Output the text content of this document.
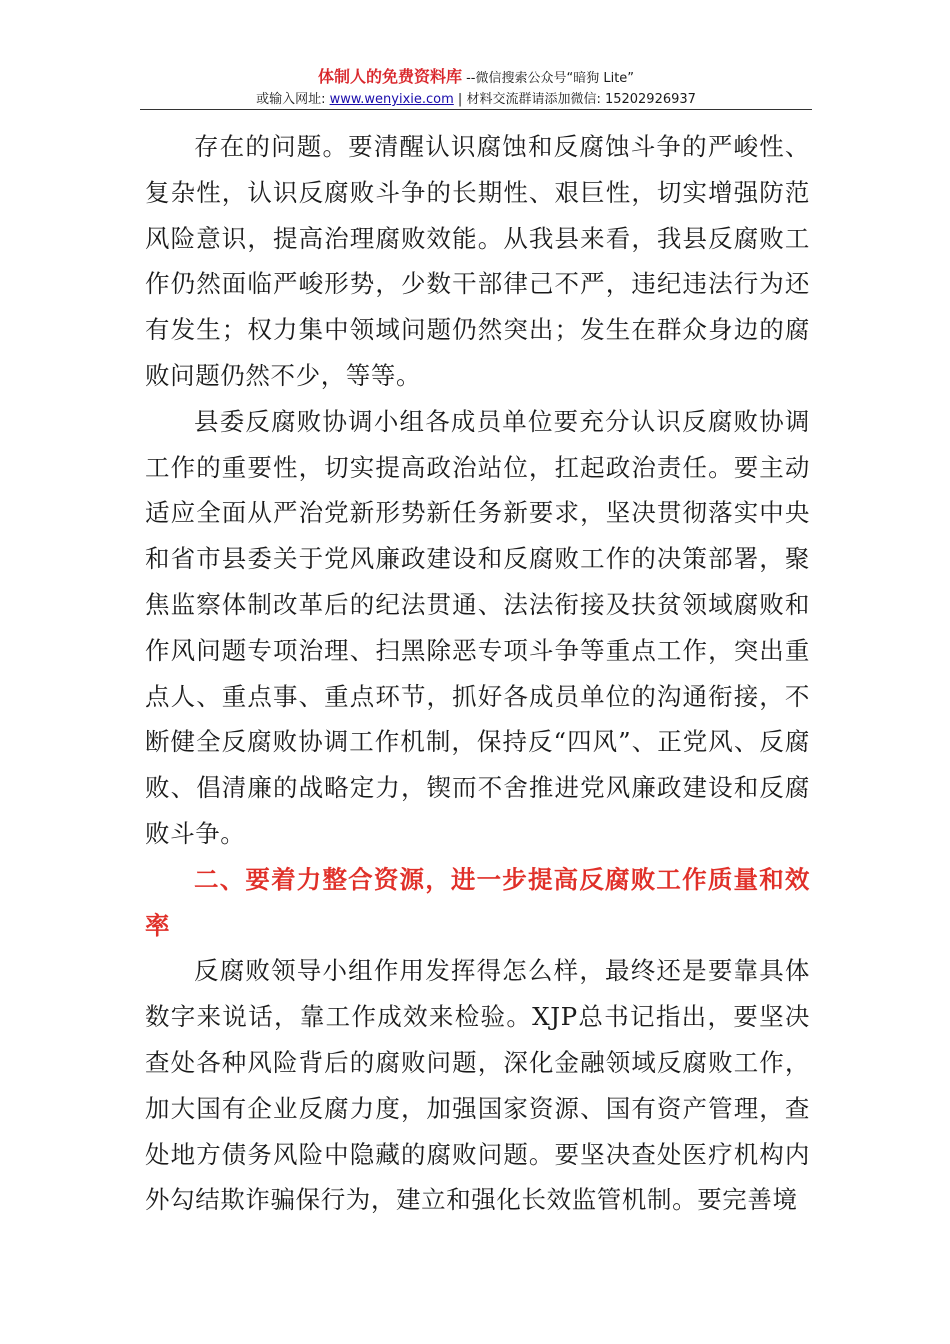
体制人的免费资料库 --微信搜索公众号“暗狗 Lite”
或输入网址: www.wenyixie.com | 材料交流群请添加微信: 15202926937

存在的问题。要清醒认识腐蚀和反腐蚀斗争的严峻性、复杂性，认识反腐败斗争的长期性、艰巨性，切实增强防范风险意识，提高治理腐败效能。从我县来看，我县反腐败工作仍然面临严峻形势，少数干部律己不严，违纪违法行为还有发生；权力集中领域问题仍然突出；发生在群众身边的腐败问题仍然不少，等等。

县委反腐败协调小组各成员单位要充分认识反腐败协调工作的重要性，切实提高政治站位，扛起政治责任。要主动适应全面从严治党新形势新任务新要求，坚决贯彻落实中央和省市县委关于党风廉政建设和反腐败工作的决策部署，聚焦监察体制改革后的纪法贯通、法法衔接及扶贫领域腐败和作风问题专项治理、扫黑除恶专项斗争等重点工作，突出重点人、重点事、重点环节，抓好各成员单位的沟通衔接，不断健全反腐败协调工作机制，保持反“四风”、正党风、反腐败、倡清廉的战略定力，锲而不舍推进党风廉政建设和反腐败斗争。

二、要着力整合资源，进一步提高反腐败工作质量和效率

反腐败领导小组作用发挥得怎么样，最终还是要靠具体数字来说话，靠工作成效来检验。XJP总书记指出，要坚决查处各种风险背后的腐败问题，深化金融领域反腐败工作，加大国有企业反腐力度，加强国家资源、国有资产管理，查处地方债务风险中隐藏的腐败问题。要坚决查处医疗机构内外勾结欺诈骗保行为，建立和强化长效监管机制。要完善境
